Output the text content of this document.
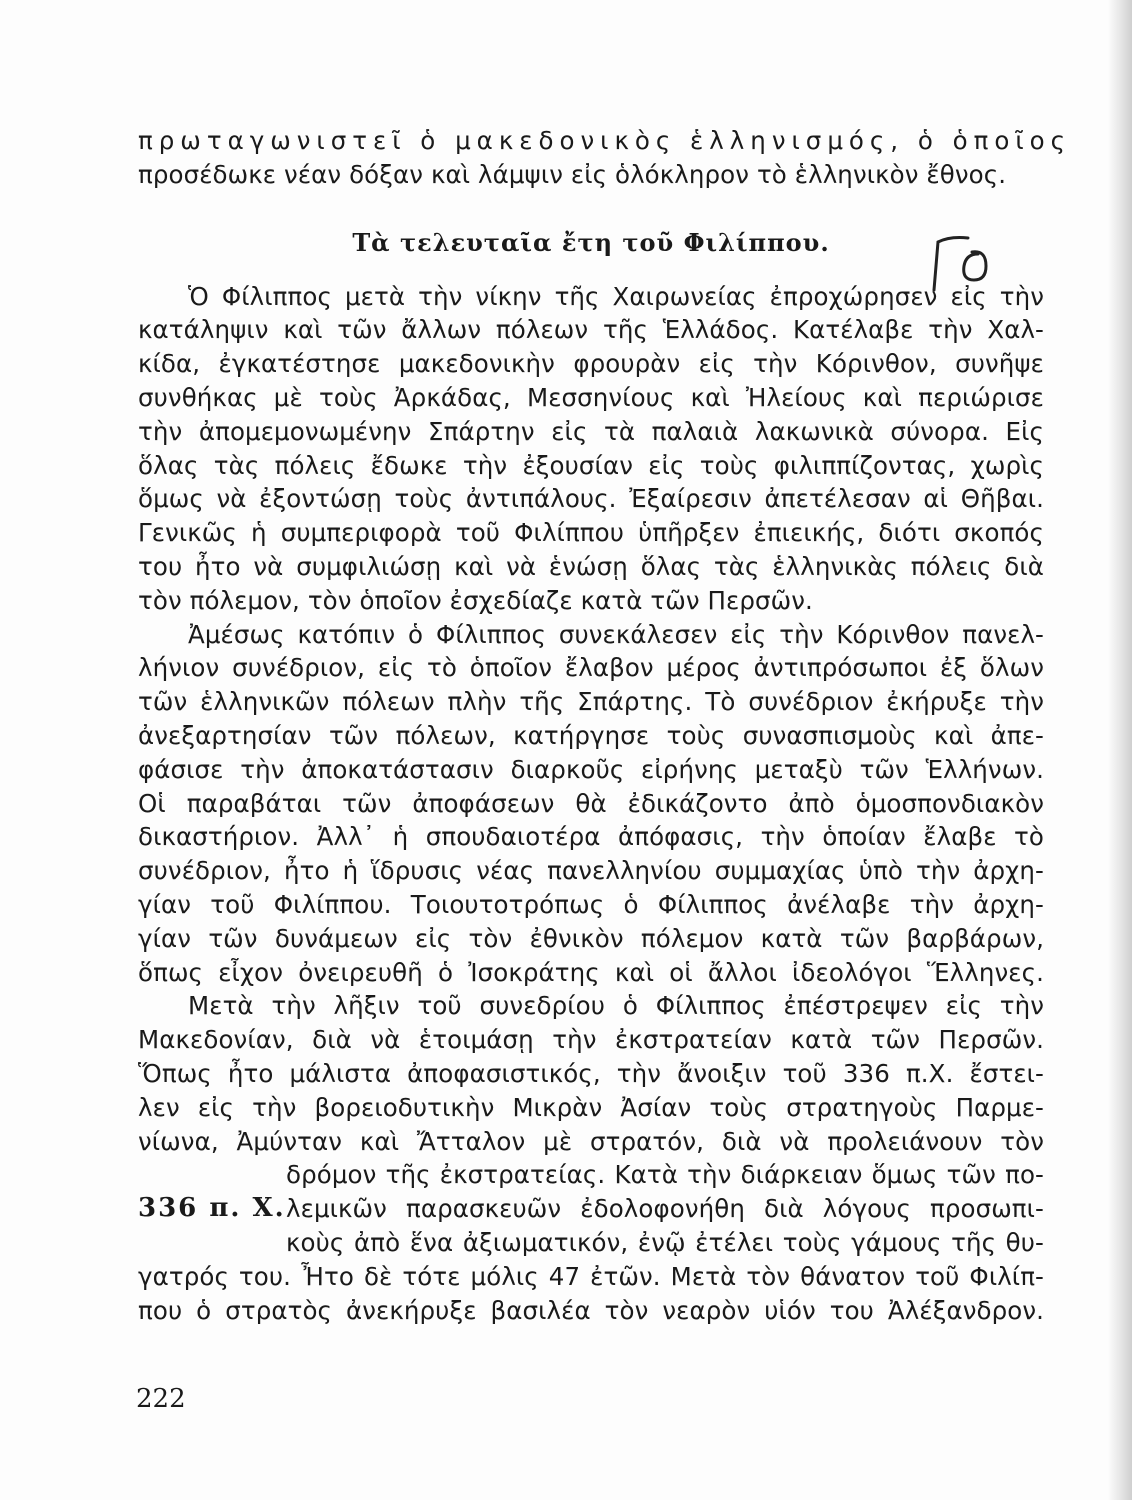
πρωταγωνιστεῖ ὁ μακεδονικὸς ἑλληνισμός, ὁ ὁποῖος
προσέδωκε νέαν δόξαν καὶ λάμψιν εἰς ὁλόκληρον τὸ ἑλληνικὸν ἔθνος.
Τὰ τελευταῖα ἔτη τοῦ Φιλίππου.
Ὁ Φίλιππος μετὰ τὴν νίκην τῆς Χαιρωνείας ἐπροχώρησεν εἰς τὴν
κατάληψιν καὶ τῶν ἄλλων πόλεων τῆς Ἑλλάδος. Κατέλαβε τὴν Χαλ-
κίδα, ἐγκατέστησε μακεδονικὴν φρουρὰν εἰς τὴν Κόρινθον, συνῆψε
συνθήκας μὲ τοὺς Ἀρκάδας, Μεσσηνίους καὶ Ἠλείους καὶ περιώρισε
τὴν ἀπομεμονωμένην Σπάρτην εἰς τὰ παλαιὰ λακωνικὰ σύνορα. Εἰς
ὅλας τὰς πόλεις ἔδωκε τὴν ἐξουσίαν εἰς τοὺς φιλιππίζοντας, χωρὶς
ὅμως νὰ ἐξοντώσῃ τοὺς ἀντιπάλους. Ἐξαίρεσιν ἀπετέλεσαν αἱ Θῆβαι.
Γενικῶς ἡ συμπεριφορὰ τοῦ Φιλίππου ὑπῆρξεν ἐπιεικής, διότι σκοπός
του ἦτο νὰ συμφιλιώσῃ καὶ νὰ ἑνώσῃ ὅλας τὰς ἑλληνικὰς πόλεις διὰ
τὸν πόλεμον, τὸν ὁποῖον ἐσχεδίαζε κατὰ τῶν Περσῶν.
Ἀμέσως κατόπιν ὁ Φίλιππος συνεκάλεσεν εἰς τὴν Κόρινθον πανελ-
λήνιον συνέδριον, εἰς τὸ ὁποῖον ἔλαβον μέρος ἀντιπρόσωποι ἐξ ὅλων
τῶν ἑλληνικῶν πόλεων πλὴν τῆς Σπάρτης. Τὸ συνέδριον ἐκήρυξε τὴν
ἀνεξαρτησίαν τῶν πόλεων, κατήργησε τοὺς συνασπισμοὺς καὶ ἀπε-
φάσισε τὴν ἀποκατάστασιν διαρκοῦς εἰρήνης μεταξὺ τῶν Ἑλλήνων.
Οἱ παραβάται τῶν ἀποφάσεων θὰ ἐδικάζοντο ἀπὸ ὁμοσπονδιακὸν
δικαστήριον. Ἀλλ᾽ ἡ σπουδαιοτέρα ἀπόφασις, τὴν ὁποίαν ἔλαβε τὸ
συνέδριον, ἦτο ἡ ἵδρυσις νέας πανελληνίου συμμαχίας ὑπὸ τὴν ἀρχη-
γίαν τοῦ Φιλίππου. Τοιουτοτρόπως ὁ Φίλιππος ἀνέλαβε τὴν ἀρχη-
γίαν τῶν δυνάμεων εἰς τὸν ἐθνικὸν πόλεμον κατὰ τῶν βαρβάρων,
ὅπως εἶχον ὀνειρευθῆ ὁ Ἰσοκράτης καὶ οἱ ἄλλοι ἰδεολόγοι Ἕλληνες.
Μετὰ τὴν λῆξιν τοῦ συνεδρίου ὁ Φίλιππος ἐπέστρεψεν εἰς τὴν
Μακεδονίαν, διὰ νὰ ἑτοιμάσῃ τὴν ἐκστρατείαν κατὰ τῶν Περσῶν.
Ὅπως ἦτο μάλιστα ἀποφασιστικός, τὴν ἄνοιξιν τοῦ 336 π.Χ. ἔστει-
λεν εἰς τὴν βορειοδυτικὴν Μικρὰν Ἀσίαν τοὺς στρατηγοὺς Παρμε-
νίωνα, Ἀμύνταν καὶ Ἄτταλον μὲ στρατόν, διὰ νὰ προλειάνουν τὸν
336 π. Χ.
δρόμον τῆς ἐκστρατείας. Κατὰ τὴν διάρκειαν ὅμως τῶν πο-
λεμικῶν παρασκευῶν ἐδολοφονήθη διὰ λόγους προσωπι-
κοὺς ἀπὸ ἕνα ἀξιωματικόν, ἐνῷ ἐτέλει τοὺς γάμους τῆς θυ-
γατρός του. Ἦτο δὲ τότε μόλις 47 ἐτῶν. Μετὰ τὸν θάνατον τοῦ Φιλίπ-
που ὁ στρατὸς ἀνεκήρυξε βασιλέα τὸν νεαρὸν υἱόν του Ἀλέξανδρον.
222
